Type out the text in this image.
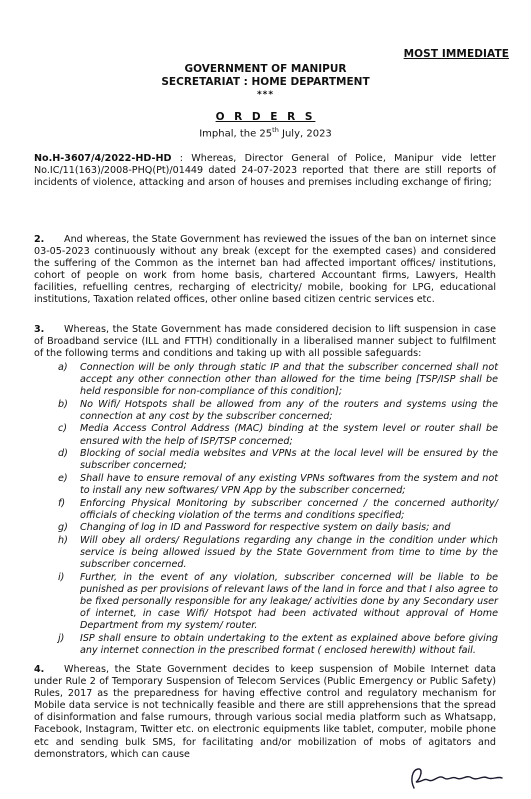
MOST IMMEDIATE
GOVERNMENT OF MANIPUR
SECRETARIAT : HOME DEPARTMENT
***
O R D E R S
Imphal, the 25th July, 2023
No.H-3607/4/2022-HD-HD : Whereas, Director General of Police, Manipur vide letter No.IC/11(163)/2008-PHQ(Pt)/01449 dated 24-07-2023 reported that there are still reports of incidents of violence, attacking and arson of houses and premises including exchange of firing;
2. And whereas, the State Government has reviewed the issues of the ban on internet since 03-05-2023 continuously without any break (except for the exempted cases) and considered the suffering of the Common as the internet ban had affected important offices/ institutions, cohort of people on work from home basis, chartered Accountant firms, Lawyers, Health facilities, refuelling centres, recharging of electricity/ mobile, booking for LPG, educational institutions, Taxation related offices, other online based citizen centric services etc.
3. Whereas, the State Government has made considered decision to lift suspension in case of Broadband service (ILL and FTTH) conditionally in a liberalised manner subject to fulfilment of the following terms and conditions and taking up with all possible safeguards:
a) Connection will be only through static IP and that the subscriber concerned shall not accept any other connection other than allowed for the time being [TSP/ISP shall be held responsible for non-compliance of this condition];
b) No Wifi/ Hotspots shall be allowed from any of the routers and systems using the connection at any cost by the subscriber concerned;
c) Media Access Control Address (MAC) binding at the system level or router shall be ensured with the help of ISP/TSP concerned;
d) Blocking of social media websites and VPNs at the local level will be ensured by the subscriber concerned;
e) Shall have to ensure removal of any existing VPNs softwares from the system and not to install any new softwares/ VPN App by the subscriber concerned;
f) Enforcing Physical Monitoring by subscriber concerned / the concerned authority/ officials of checking violation of the terms and conditions specified;
g) Changing of log in ID and Password for respective system on daily basis; and
h) Will obey all orders/ Regulations regarding any change in the condition under which service is being allowed issued by the State Government from time to time by the subscriber concerned.
i) Further, in the event of any violation, subscriber concerned will be liable to be punished as per provisions of relevant laws of the land in force and that I also agree to be fixed personally responsible for any leakage/ activities done by any Secondary user of internet, in case Wifi/ Hotspot had been activated without approval of Home Department from my system/ router.
j) ISP shall ensure to obtain undertaking to the extent as explained above before giving any internet connection in the prescribed format ( enclosed herewith) without fail.
4. Whereas, the State Government decides to keep suspension of Mobile Internet data under Rule 2 of Temporary Suspension of Telecom Services (Public Emergency or Public Safety) Rules, 2017 as the preparedness for having effective control and regulatory mechanism for Mobile data service is not technically feasible and there are still apprehensions that the spread of disinformation and false rumours, through various social media platform such as Whatsapp, Facebook, Instagram, Twitter etc. on electronic equipments like tablet, computer, mobile phone etc and sending bulk SMS, for facilitating and/or mobilization of mobs of agitators and demonstrators, which can cause
